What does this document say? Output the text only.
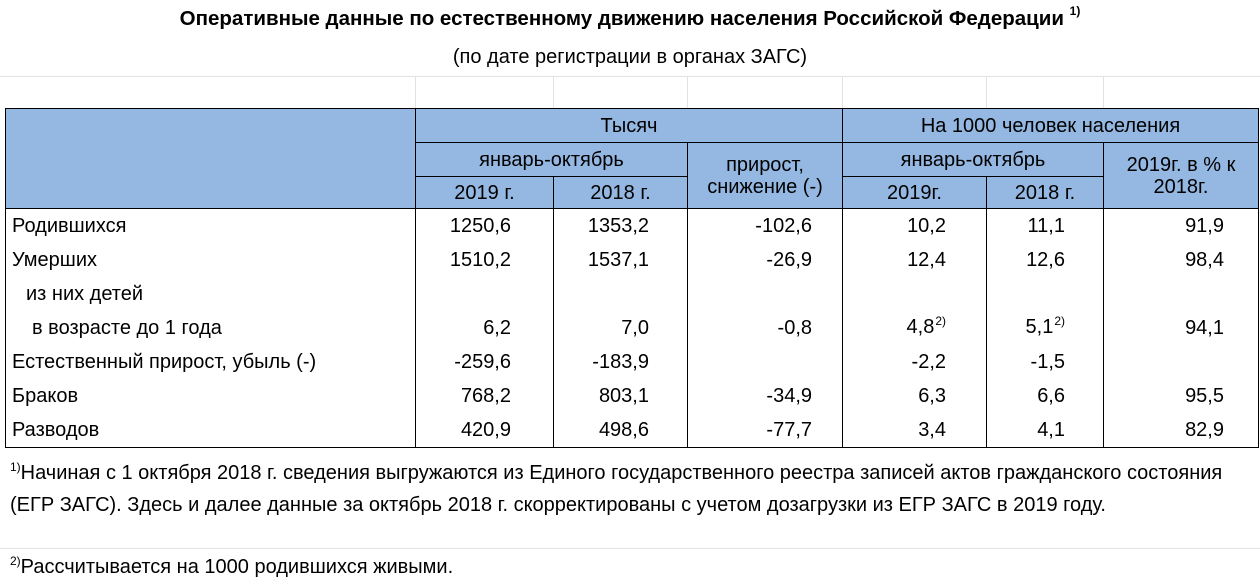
Оперативные данные по естественному движению населения Российской Федерации $^{1)}$
(по дате регистрации в органах ЗАГС)
	Тысяч			На 1000 человек населения		
	январь-октябрь		прирост, снижение (-)	январь-октябрь		2019г. в % к 2018г.
	2019 г.	2018 г.		2019г.	2018 г.	
Родившихся	1250,6	1353,2	-102,6	10,2	11,1	91,9
Умерших	1510,2	1537,1	-26,9	12,4	12,6	98,4
из них детей						
в возрасте до 1 года	6,2	7,0	-0,8	4,8$^{2)}$	5,1$^{2)}$	94,1
Естественный прирост, убыль (-)	-259,6	-183,9		-2,2	-1,5	
Браков	768,2	803,1	-34,9	6,3	6,6	95,5
Разводов	420,9	498,6	-77,7	3,4	4,1	82,9
$^{1)}$Начиная с 1 октября 2018 г. сведения выгружаются из Единого государственного реестра записей актов гражданского состояния (ЕГР ЗАГС). Здесь и далее данные за октябрь 2018 г. скорректированы с учетом дозагрузки из ЕГР ЗАГС в 2019 году.
$^{2)}$Рассчитывается на 1000 родившихся живыми.
